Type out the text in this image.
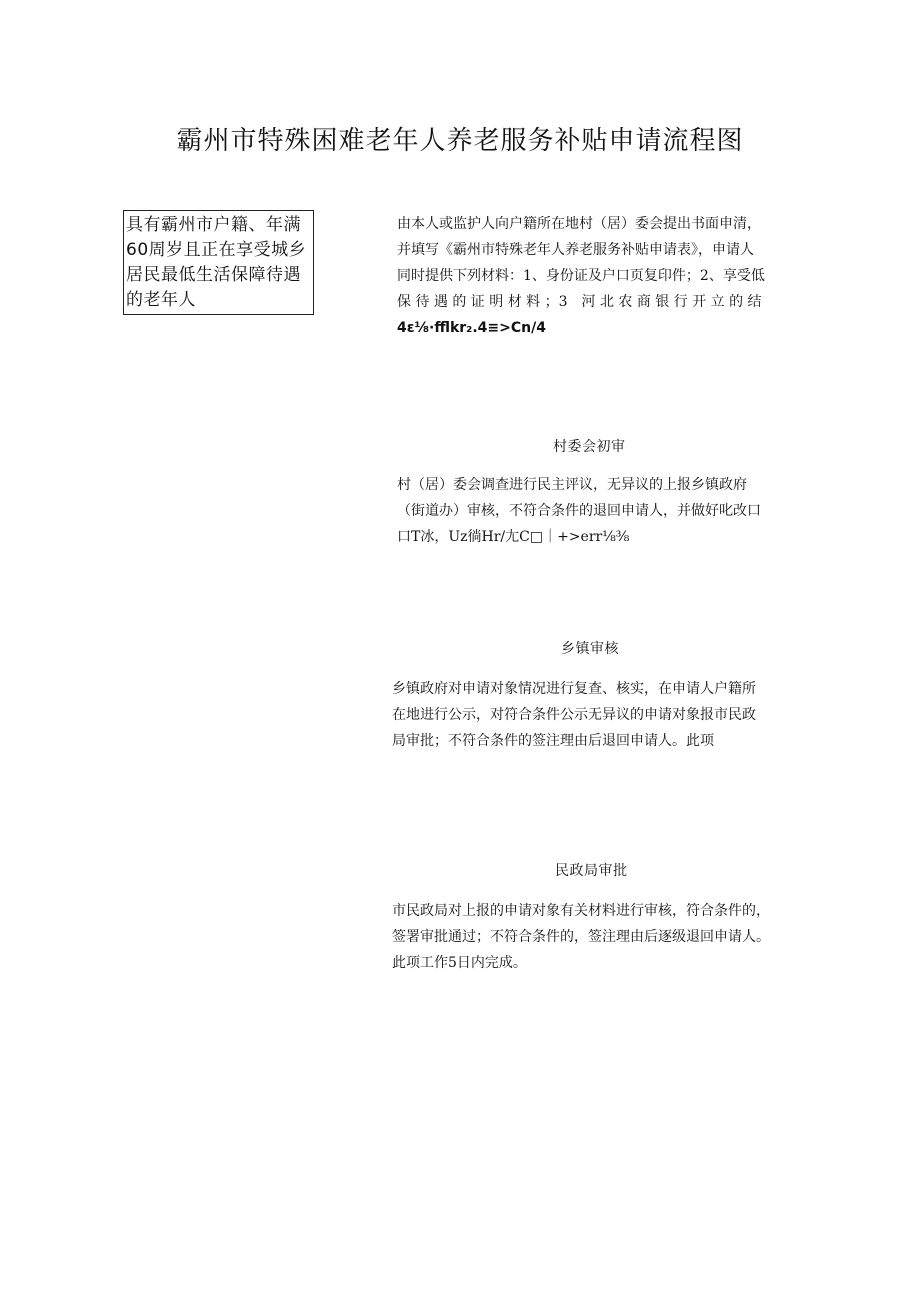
霸州市特殊困难老年人养老服务补贴申请流程图
具有霸州市户籍、年满
60周岁且正在享受城乡
居民最低生活保障待遇
的老年人
由本人或监护人向户籍所在地村（居）委会提出书面申清，
并填写《霸州市特殊老年人养老服务补贴申请表》，申请人
同时提供下列材料：1、身份证及户口页复印件；2、享受低
保 待 遇 的 证 明 材 料 ；3　河 北 农 商 银 行 开 立 的 结
4ε⅛·fflkr₂.4≡>Cn/4
村委会初审
村（居）委会调查进行民主评议，无异议的上报乡镇政府
（街道办）审核，不符合条件的退回申请人，并做好叱改口
口T冰，Uz徜Hr/尢C□｜+>err⅛⅜
乡镇审核
乡镇政府对申请对象情况进行复查、核实，在申请人户籍所
在地进行公示，对符合条件公示无异议的申请对象报市民政
局审批；不符合条件的签注理由后退回申请人。此项
民政局审批
市民政局对上报的申请对象有关材料进行审核，符合条件的，
签署审批通过；不符合条件的，签注理由后逐级退回申请人。
此项工作5日内完成。
